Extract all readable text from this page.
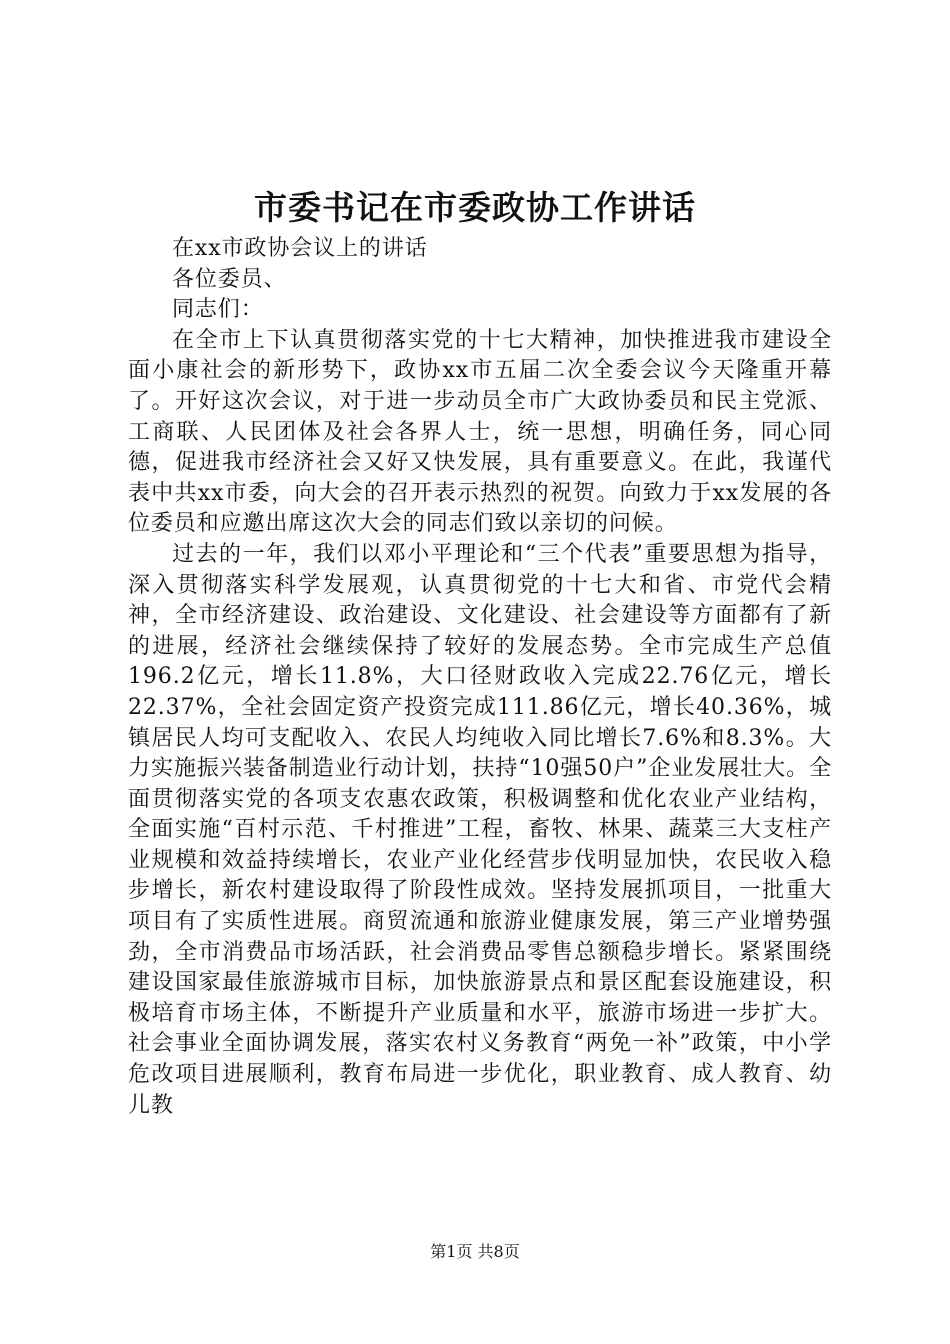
市委书记在市委政协工作讲话

在xx市政协会议上的讲话

各位委员、

同志们：

在全市上下认真贯彻落实党的十七大精神，加快推进我市建设全面小康社会的新形势下，政协xx市五届二次全委会议今天隆重开幕了。开好这次会议，对于进一步动员全市广大政协委员和民主党派、工商联、人民团体及社会各界人士，统一思想，明确任务，同心同德，促进我市经济社会又好又快发展，具有重要意义。在此，我谨代表中共xx市委，向大会的召开表示热烈的祝贺。向致力于xx发展的各位委员和应邀出席这次大会的同志们致以亲切的问候。

过去的一年，我们以邓小平理论和“三个代表”重要思想为指导，深入贯彻落实科学发展观，认真贯彻党的十七大和省、市党代会精神，全市经济建设、政治建设、文化建设、社会建设等方面都有了新的进展，经济社会继续保持了较好的发展态势。全市完成生产总值196.2亿元，增长11.8%，大口径财政收入完成22.76亿元，增长22.37%，全社会固定资产投资完成111.86亿元，增长40.36%，城镇居民人均可支配收入、农民人均纯收入同比增长7.6%和8.3%。大力实施振兴装备制造业行动计划，扶持“10强50户”企业发展壮大。全面贯彻落实党的各项支农惠农政策，积极调整和优化农业产业结构，全面实施“百村示范、千村推进”工程，畜牧、林果、蔬菜三大支柱产业规模和效益持续增长，农业产业化经营步伐明显加快，农民收入稳步增长，新农村建设取得了阶段性成效。坚持发展抓项目，一批重大项目有了实质性进展。商贸流通和旅游业健康发展，第三产业增势强劲，全市消费品市场活跃，社会消费品零售总额稳步增长。紧紧围绕建设国家最佳旅游城市目标，加快旅游景点和景区配套设施建设，积极培育市场主体，不断提升产业质量和水平，旅游市场进一步扩大。社会事业全面协调发展，落实农村义务教育“两免一补”政策，中小学危改项目进展顺利，教育布局进一步优化，职业教育、成人教育、幼儿教

第1页 共8页
